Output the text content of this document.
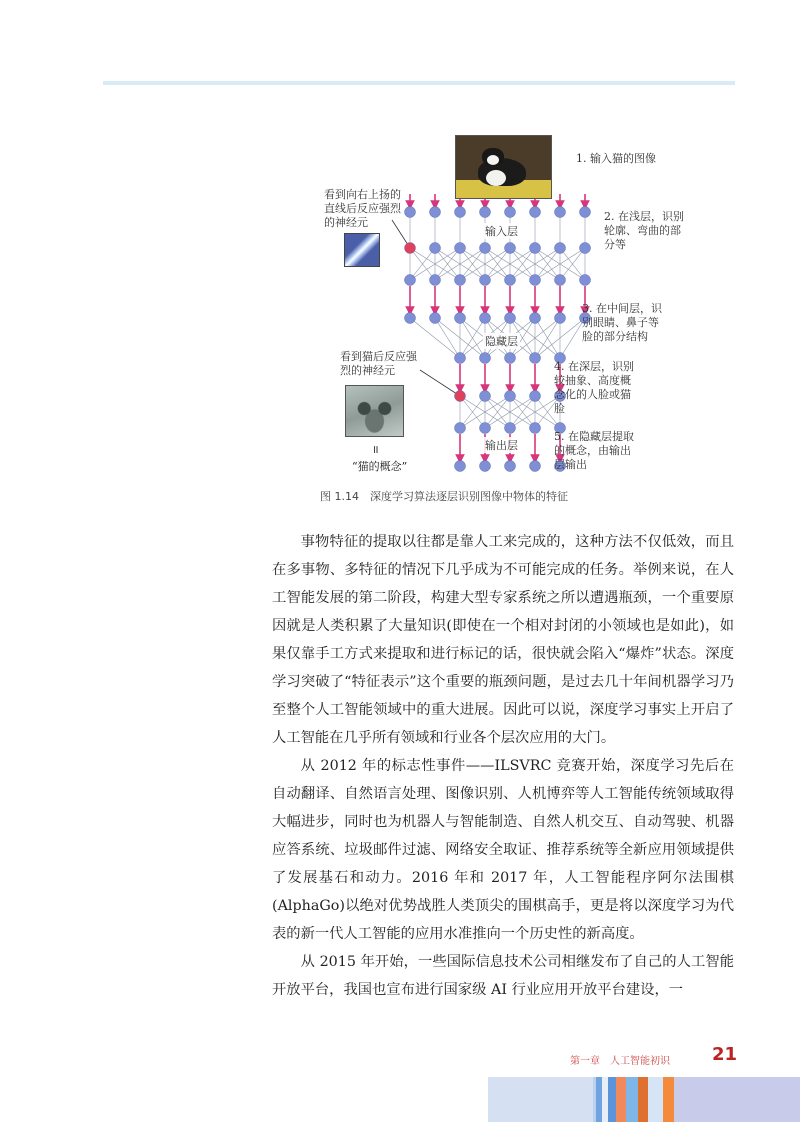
看到向右上扬的
直线后反应强烈
的神经元
看到猫后反应强
烈的神经元
॥
“猫的概念”
输入层
隐藏层
输出层
1. 输入猫的图像
2. 在浅层，识别
轮廓、弯曲的部
分等
3. 在中间层，识
别眼睛、鼻子等
脸的部分结构
4. 在深层，识别
较抽象、高度概
念化的人脸或猫
脸
5. 在隐藏层提取
的概念，由输出
层输出
图 1.14　深度学习算法逐层识别图像中物体的特征

事物特征的提取以往都是靠人工来完成的，这种方法不仅低效，而且在多事物、多特征的情况下几乎成为不可能完成的任务。举例来说，在人工智能发展的第二阶段，构建大型专家系统之所以遭遇瓶颈，一个重要原因就是人类积累了大量知识(即使在一个相对封闭的小领域也是如此)，如果仅靠手工方式来提取和进行标记的话，很快就会陷入“爆炸”状态。深度学习突破了“特征表示”这个重要的瓶颈问题，是过去几十年间机器学习乃至整个人工智能领域中的重大进展。因此可以说，深度学习事实上开启了人工智能在几乎所有领域和行业各个层次应用的大门。

从 2012 年的标志性事件——ILSVRC 竞赛开始，深度学习先后在自动翻译、自然语言处理、图像识别、人机博弈等人工智能传统领域取得大幅进步，同时也为机器人与智能制造、自然人机交互、自动驾驶、机器应答系统、垃圾邮件过滤、网络安全取证、推荐系统等全新应用领域提供了发展基石和动力。2016 年和 2017 年，人工智能程序阿尔法围棋(AlphaGo)以绝对优势战胜人类顶尖的围棋高手，更是将以深度学习为代表的新一代人工智能的应用水准推向一个历史性的新高度。

从 2015 年开始，一些国际信息技术公司相继发布了自己的人工智能开放平台，我国也宣布进行国家级 AI 行业应用开放平台建设，一

第一章　人工智能初识 21
